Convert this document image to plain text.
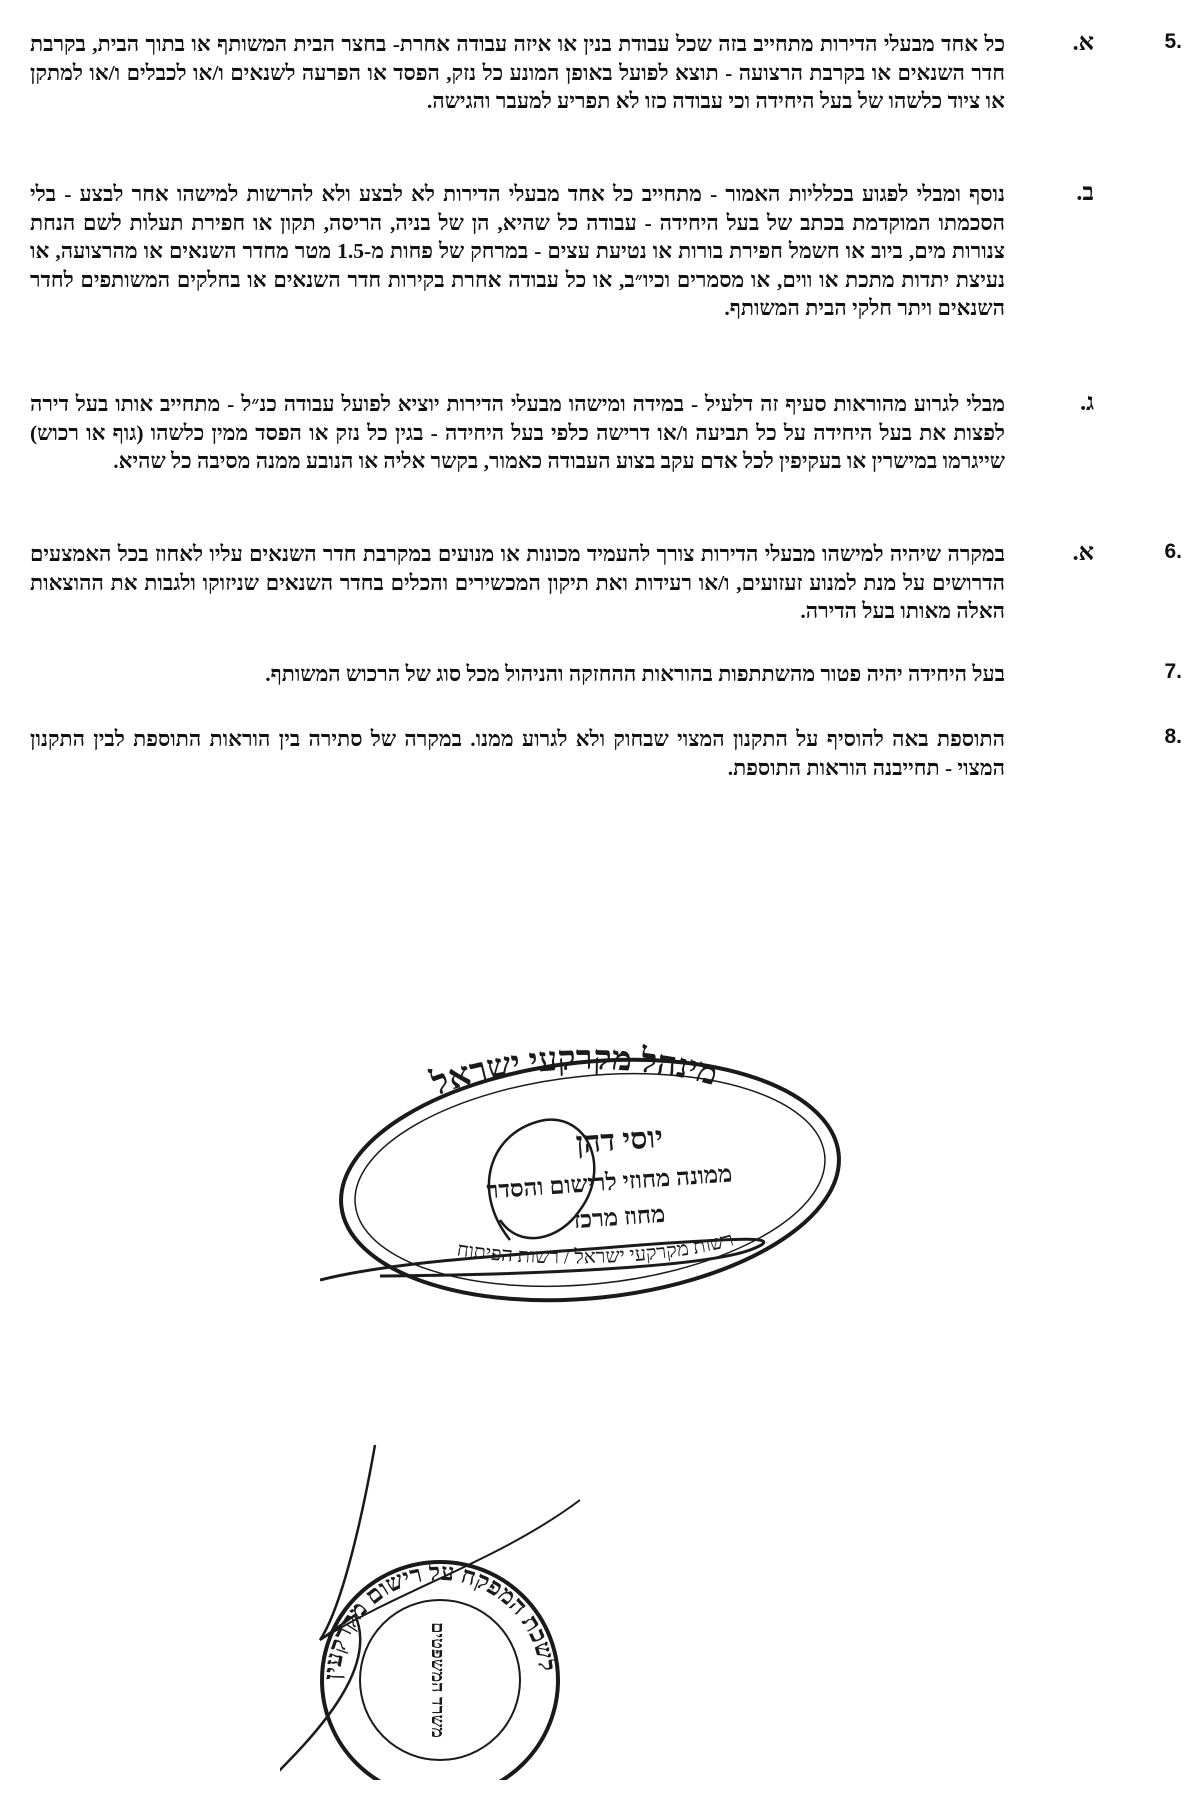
5.
א.
כל אחד מבעלי הדירות מתחייב בזה שכל עבודת בנין או איזה עבודה אחרת- בחצר הבית המשותף או בתוך הבית, בקרבת חדר השנאים או בקרבת הרצועה - תוצא לפועל באופן המונע כל נזק, הפסד או הפרעה לשנאים ו/או לכבלים ו/או למתקן או ציוד כלשהו של בעל היחידה וכי עבודה כזו לא תפריע למעבר והגישה.
ב.
נוסף ומבלי לפגוע בכלליות האמור - מתחייב כל אחד מבעלי הדירות לא לבצע ולא להרשות למישהו אחר לבצע - בלי הסכמתו המוקדמת בכתב של בעל היחידה - עבודה כל שהיא, הן של בניה, הריסה, תקון או חפירת תעלות לשם הנחת צנורות מים, ביוב או חשמל חפירת בורות או נטיעת עצים - במרחק של פחות מ-1.5 מטר מחדר השנאים או מהרצועה, או נעיצת יתדות מתכת או ווים, או מסמרים וכיו״ב, או כל עבודה אחרת בקירות חדר השנאים או בחלקים המשותפים לחדר השנאים ויתר חלקי הבית המשותף.
ג.
מבלי לגרוע מהוראות סעיף זה דלעיל - במידה ומישהו מבעלי הדירות יוציא לפועל עבודה כנ״ל - מתחייב אותו בעל דירה לפצות את בעל היחידה על כל תביעה ו/או דרישה כלפי בעל היחידה - בגין כל נזק או הפסד ממין כלשהו (גוף או רכוש) שייגרמו במישרין או בעקיפין לכל אדם עקב בצוע העבודה כאמור, בקשר אליה או הנובע ממנה מסיבה כל שהיא.
6.
א.
במקרה שיהיה למישהו מבעלי הדירות צורך להעמיד מכונות או מנועים במקרבת חדר השנאים עליו לאחוז בכל האמצעים הדרושים על מנת למנוע זעזועים, ו/או רעידות ואת תיקון המכשירים והכלים בחדר השנאים שניזוקו ולגבות את ההוצאות האלה מאותו בעל הדירה.
7.
בעל היחידה יהיה פטור מהשתתפות בהוראות ההחזקה והניהול מכל סוג של הרכוש המשותף.
8.
התוספת באה להוסיף על התקנון המצוי שבחוק ולא לגרוע ממנו. במקרה של סתירה בין הוראות התוספת לבין התקנון המצוי - תחייבנה הוראות התוספת.
מינהל מקרקעי ישראל
יוסי דהן
ממונה מחוזי לרישום והסדר
מחוז מרכז
רשות מקרקעי ישראל / רשות הפיתוח
לשכת המפקח על רישום מקרקעין
משרד המשפטים
